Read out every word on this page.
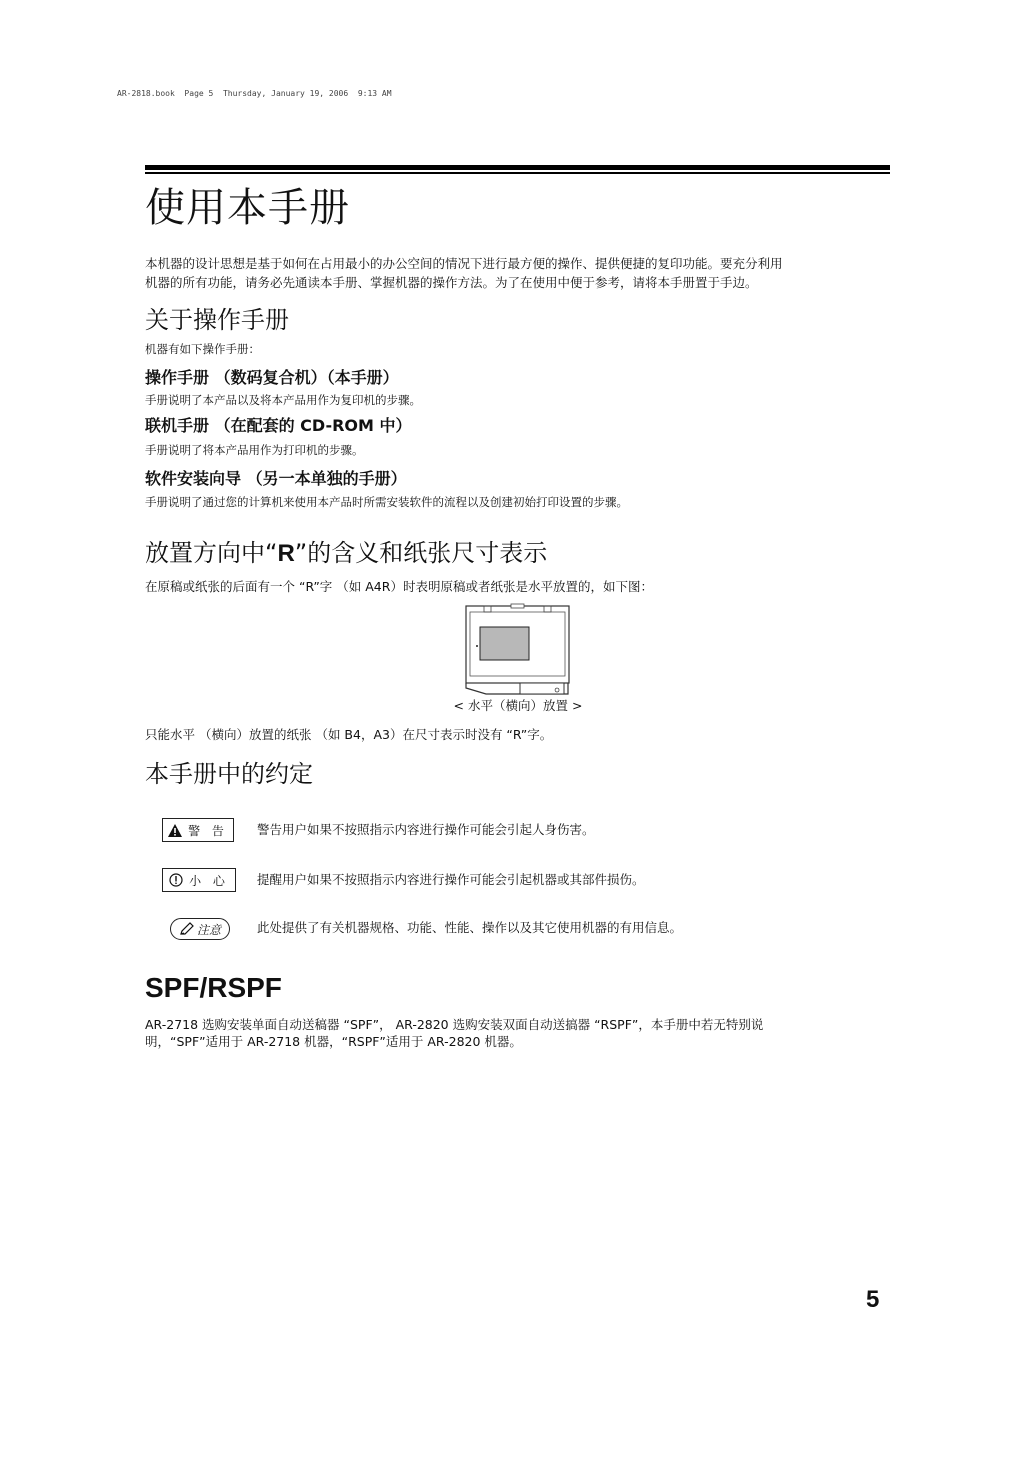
AR-2818.book  Page 5  Thursday, January 19, 2006  9:13 AM
使用本手册
本机器的设计思想是基于如何在占用最小的办公空间的情况下进行最方便的操作、提供便捷的复印功能。要充分利用
机器的所有功能，请务必先通读本手册、掌握机器的操作方法。为了在使用中便于参考，请将本手册置于手边。
关于操作手册
机器有如下操作手册：
操作手册 （数码复合机）（本手册）
手册说明了本产品以及将本产品用作为复印机的步骤。
联机手册 （在配套的 CD-ROM 中）
手册说明了将本产品用作为打印机的步骤。
软件安装向导 （另一本单独的手册）
手册说明了通过您的计算机来使用本产品时所需安装软件的流程以及创建初始打印设置的步骤。
放置方向中“R”的含义和纸张尺寸表示
在原稿或纸张的后面有一个 “R”字 （如 A4R）时表明原稿或者纸张是水平放置的，如下图：
< 水平（横向）放置 >
只能水平 （横向）放置的纸张 （如 B4，A3）在尺寸表示时没有 “R”字。
本手册中的约定
警 告 警告用户如果不按照指示内容进行操作可能会引起人身伤害。
小 心 提醒用户如果不按照指示内容进行操作可能会引起机器或其部件损伤。
注意	此处提供了有关机器规格、功能、性能、操作以及其它使用机器的有用信息。
SPF/RSPF
AR-2718 选购安装单面自动送稿器 “SPF”， AR-2820 选购安装双面自动送搞器 “RSPF”，本手册中若无特别说
明，“SPF”适用于 AR-2718 机器，“RSPF”适用于 AR-2820 机器。
5
